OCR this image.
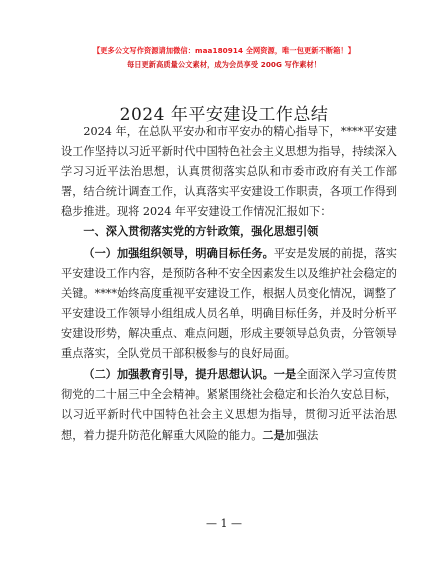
【更多公文写作资源请加微信：maa180914 全网资源，唯一包更新不断箱！】
每日更新高质量公文素材，成为会员享受 200G 写作素材！
2024 年平安建设工作总结

2024 年，在总队平安办和市平安办的精心指导下，****平安建设工作坚持以习近平新时代中国特色社会主义思想为指导，持续深入学习习近平法治思想，认真贯彻落实总队和市委市政府有关工作部署，结合统计调查工作，认真落实平安建设工作职责，各项工作得到稳步推进。现将 2024 年平安建设工作情况汇报如下：

一、深入贯彻落实党的方针政策，强化思想引领

（一）加强组织领导，明确目标任务。平安是发展的前提，落实平安建设工作内容，是预防各种不安全因素发生以及维护社会稳定的关键。****始终高度重视平安建设工作，根据人员变化情况，调整了平安建设工作领导小组组成人员名单，明确目标任务，并及时分析平安建设形势，解决重点、难点问题，形成主要领导总负责，分管领导重点落实，全队党员干部积极参与的良好局面。

（二）加强教育引导，提升思想认识。一是全面深入学习宣传贯彻党的二十届三中全会精神。紧紧围绕社会稳定和长治久安总目标，以习近平新时代中国特色社会主义思想为指导，贯彻习近平法治思想，着力提升防范化解重大风险的能力。二是加强法

— 1 —
